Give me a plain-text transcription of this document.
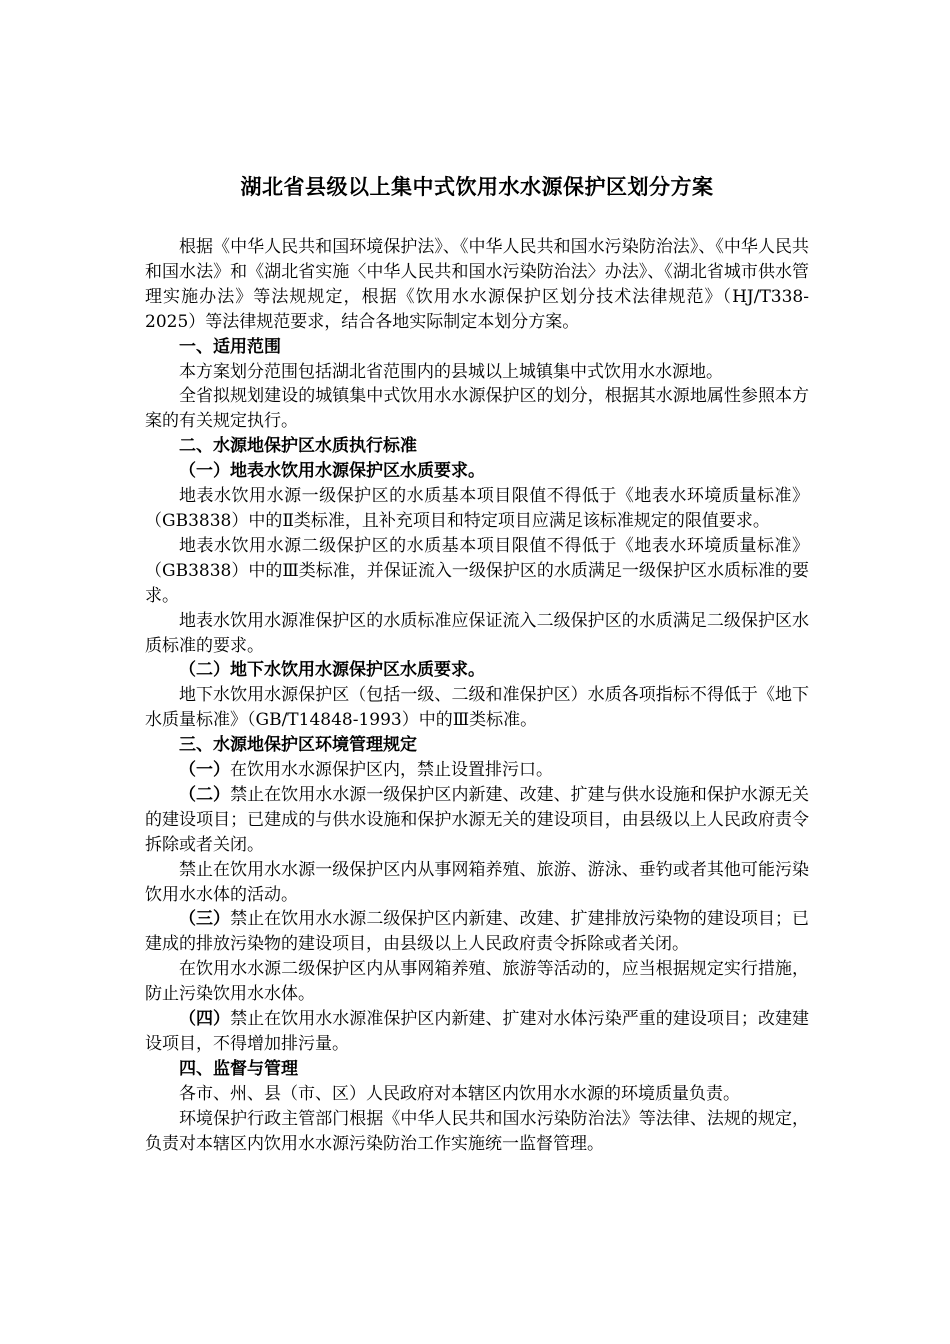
湖北省县级以上集中式饮用水水源保护区划分方案

根据《中华人民共和国环境保护法》、《中华人民共和国水污染防治法》、《中华人民共和国水法》和《湖北省实施〈中华人民共和国水污染防治法〉办法》、《湖北省城市供水管理实施办法》等法规规定，根据《饮用水水源保护区划分技术法律规范》（HJ/T338-2025）等法律规范要求，结合各地实际制定本划分方案。

一、适用范围

本方案划分范围包括湖北省范围内的县城以上城镇集中式饮用水水源地。

全省拟规划建设的城镇集中式饮用水水源保护区的划分，根据其水源地属性参照本方案的有关规定执行。

二、水源地保护区水质执行标准

（一）地表水饮用水源保护区水质要求。

地表水饮用水源一级保护区的水质基本项目限值不得低于《地表水环境质量标准》（GB3838）中的Ⅱ类标准，且补充项目和特定项目应满足该标准规定的限值要求。

地表水饮用水源二级保护区的水质基本项目限值不得低于《地表水环境质量标准》（GB3838）中的Ⅲ类标准，并保证流入一级保护区的水质满足一级保护区水质标准的要求。

地表水饮用水源准保护区的水质标准应保证流入二级保护区的水质满足二级保护区水质标准的要求。

（二）地下水饮用水源保护区水质要求。

地下水饮用水源保护区（包括一级、二级和准保护区）水质各项指标不得低于《地下水质量标准》（GB/T14848-1993）中的Ⅲ类标准。

三、水源地保护区环境管理规定

（一）在饮用水水源保护区内，禁止设置排污口。

（二）禁止在饮用水水源一级保护区内新建、改建、扩建与供水设施和保护水源无关的建设项目；已建成的与供水设施和保护水源无关的建设项目，由县级以上人民政府责令拆除或者关闭。

禁止在饮用水水源一级保护区内从事网箱养殖、旅游、游泳、垂钓或者其他可能污染饮用水水体的活动。

（三）禁止在饮用水水源二级保护区内新建、改建、扩建排放污染物的建设项目；已建成的排放污染物的建设项目，由县级以上人民政府责令拆除或者关闭。

在饮用水水源二级保护区内从事网箱养殖、旅游等活动的，应当根据规定实行措施，防止污染饮用水水体。

（四）禁止在饮用水水源准保护区内新建、扩建对水体污染严重的建设项目；改建建设项目，不得增加排污量。

四、监督与管理

各市、州、县（市、区）人民政府对本辖区内饮用水水源的环境质量负责。

环境保护行政主管部门根据《中华人民共和国水污染防治法》等法律、法规的规定，负责对本辖区内饮用水水源污染防治工作实施统一监督管理。
